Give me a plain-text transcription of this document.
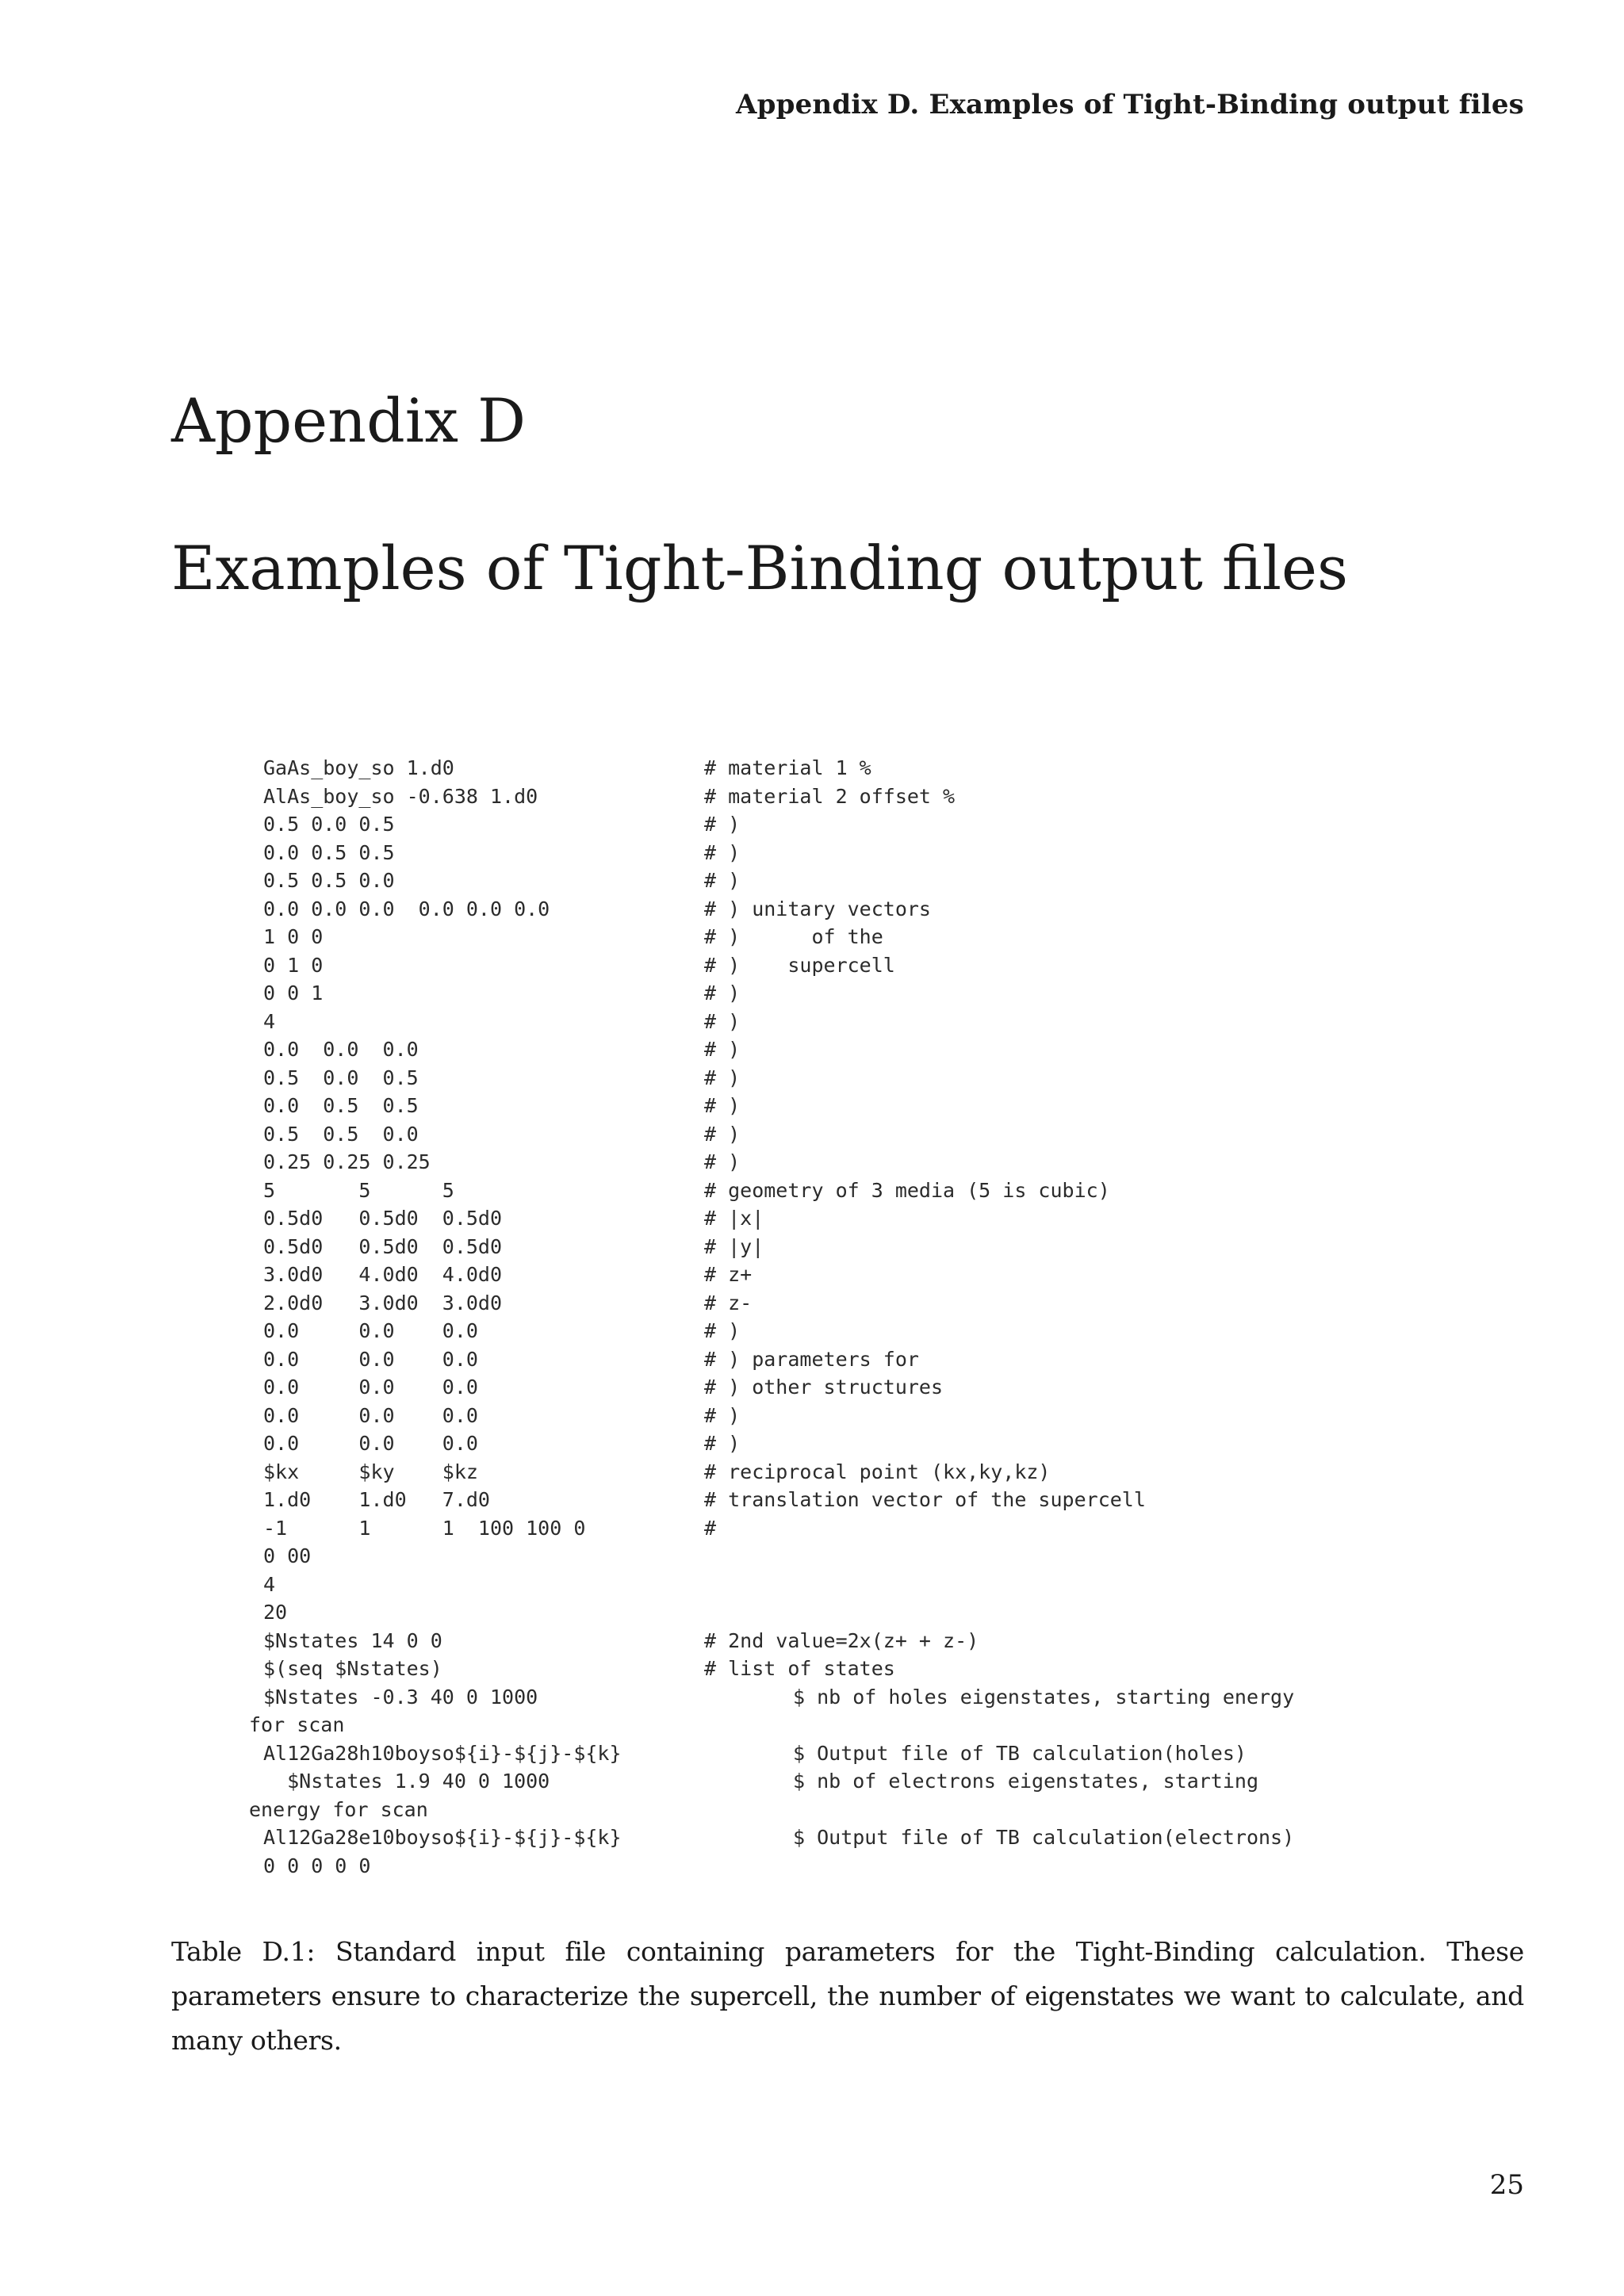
Appendix D. Examples of Tight-Binding output files
Appendix D
Examples of Tight-Binding output files
GaAs_boy_so 1.d0	# material 1 %
AlAs_boy_so -0.638 1.d0	# material 2 offset %
0.5 0.0 0.5	# )
0.0 0.5 0.5	# )
0.5 0.5 0.0	# )
0.0 0.0 0.0  0.0 0.0 0.0	# ) unitary vectors
1 0 0	# )      of the
0 1 0	# )    supercell
0 0 1	# )
4	# )
0.0  0.0  0.0	# )
0.5  0.0  0.5	# )
0.0  0.5  0.5	# )
0.5  0.5  0.0	# )
0.25 0.25 0.25	# )
5       5      5	# geometry of 3 media (5 is cubic)
0.5d0   0.5d0  0.5d0	# |x|
0.5d0   0.5d0  0.5d0	# |y|
3.0d0   4.0d0  4.0d0	# z+
2.0d0   3.0d0  3.0d0	# z-
0.0     0.0    0.0	# )
0.0     0.0    0.0	# ) parameters for
0.0     0.0    0.0	# ) other structures
0.0     0.0    0.0	# )
0.0     0.0    0.0	# )
$kx     $ky    $kz	# reciprocal point (kx,ky,kz)
1.d0    1.d0   7.d0	# translation vector of the supercell
-1      1      1  100 100 0	#
0 00
4
20
$Nstates 14 0 0	# 2nd value=2x(z+ + z-)
$(seq $Nstates)	# list of states
$Nstates -0.3 40 0 1000	$ nb of holes eigenstates, starting energy
for scan
Al12Ga28h10boyso${i}-${j}-${k}	$ Output file of TB calculation(holes)
$Nstates 1.9 40 0 1000	$ nb of electrons eigenstates, starting
energy for scan
Al12Ga28e10boyso${i}-${j}-${k}	$ Output file of TB calculation(electrons)
0 0 0 0 0
Table D.1: Standard input file containing parameters for the Tight-Binding calculation. These parameters ensure to characterize the supercell, the number of eigenstates we want to calculate, and many others.
25
